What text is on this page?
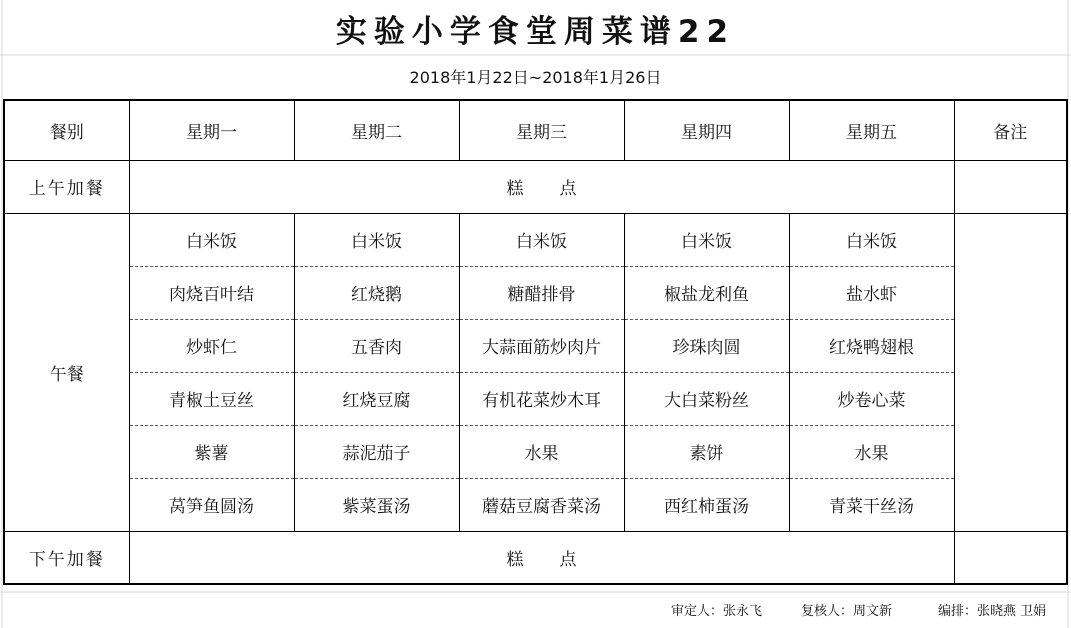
实验小学食堂周菜谱22
2018年1月22日~2018年1月26日
餐别	星期一	星期二	星期三	星期四	星期五	备注
上午加餐	糕 点					
午餐	白米饭	白米饭	白米饭	白米饭	白米饭	
	肉烧百叶结	红烧鹅	糖醋排骨	椒盐龙利鱼	盐水虾	
	炒虾仁	五香肉	大蒜面筋炒肉片	珍珠肉圆	红烧鸭翅根	
	青椒土豆丝	红烧豆腐	有机花菜炒木耳	大白菜粉丝	炒卷心菜	
	紫薯	蒜泥茄子	水果	素饼	水果	
	莴笋鱼圆汤	紫菜蛋汤	蘑菇豆腐香菜汤	西红柿蛋汤	青菜干丝汤	
下午加餐	糕 点					
审定人：张永飞	复核人：周文新	编排：张晓燕 卫娟
